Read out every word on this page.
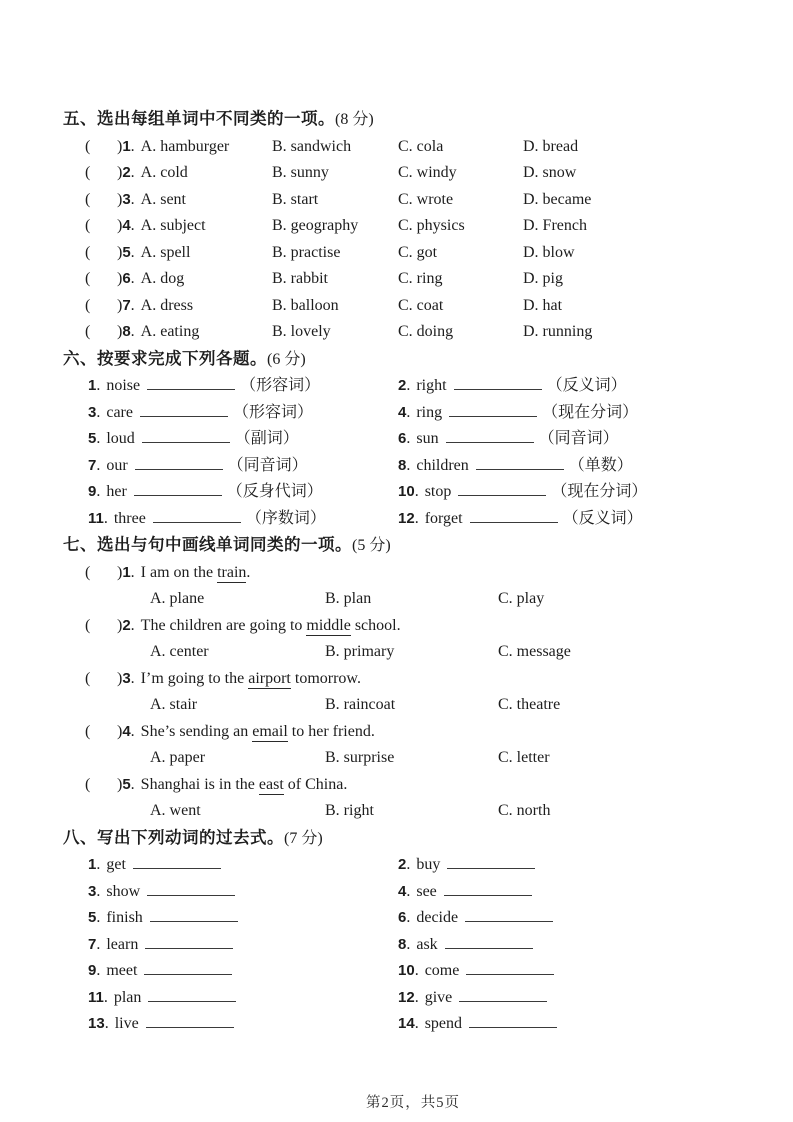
五、选出每组单词中不同类的一项。(8 分)
(	)1. A. hamburger	B. sandwich	C. cola	D. bread
(	)2. A. cold	B. sunny	C. windy	D. snow
(	)3. A. sent	B. start	C. wrote	D. became
(	)4. A. subject	B. geography	C. physics	D. French
(	)5. A. spell	B. practise	C. got	D. blow
(	)6. A. dog	B. rabbit	C. ring	D. pig
(	)7. A. dress	B. balloon	C. coat	D. hat
(	)8. A. eating	B. lovely	C. doing	D. running
六、按要求完成下列各题。(6 分)
1. noise	（形容词）	2. right	（反义词）
3. care	（形容词）	4. ring	（现在分词）
5. loud	（副词）	6. sun	（同音词）
7. our	（同音词）	8. children	（单数）
9. her	（反身代词）	10. stop	（现在分词）
11. three	（序数词）	12. forget	（反义词）
七、选出与句中画线单词同类的一项。(5 分)
(	)1. I am on the train.
A. plane	B. plan	C. play
(	)2. The children are going to middle school.
A. center	B. primary	C. message
(	)3. I’m going to the airport tomorrow.
A. stair	B. raincoat	C. theatre
(	)4. She’s sending an email to her friend.
A. paper	B. surprise	C. letter
(	)5. Shanghai is in the east of China.
A. went	B. right	C. north
八、写出下列动词的过去式。(7 分)
1. get	2. buy
3. show	4. see
5. finish	6. decide
7. learn	8. ask
9. meet	10. come
11. plan	12. give
13. live	14. spend
第2页，共5页
